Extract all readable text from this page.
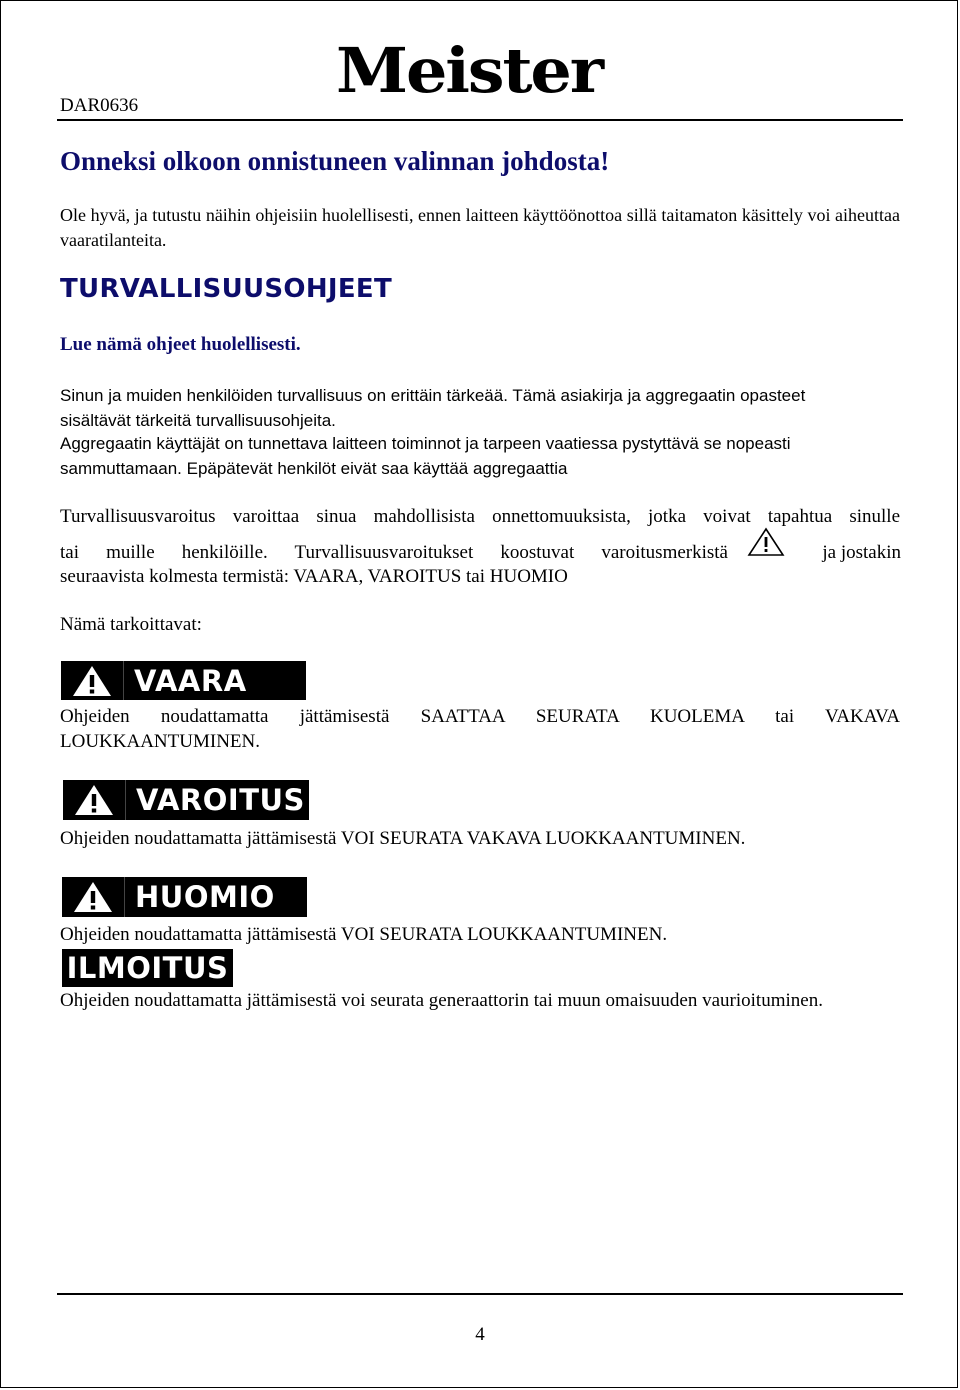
DAR0636	Meister
Onneksi olkoon onnistuneen valinnan johdosta!
Ole hyvä, ja tutustu näihin ohjeisiin huolellisesti, ennen laitteen käyttöönottoa sillä taitamaton käsittely voi aiheuttaa vaaratilanteita.
TURVALLISUUSOHJEET
Lue nämä ohjeet huolellisesti.
Sinun ja muiden henkilöiden turvallisuus on erittäin tärkeää. Tämä asiakirja ja aggregaatin opasteet
sisältävät tärkeitä turvallisuusohjeita.
Aggregaatin käyttäjät on tunnettava laitteen toiminnot ja tarpeen vaatiessa pystyttävä se nopeasti
sammuttamaan. Epäpätevät henkilöt eivät saa käyttää aggregaattia
Turvallisuusvaroitus varoittaa sinua mahdollisista onnettomuuksista, jotka voivat tapahtua sinulle
tai muille henkilöille. Turvallisuusvaroitukset koostuvat varoitusmerkistä	ja jostakin
seuraavista kolmesta termistä: VAARA, VAROITUS tai HUOMIO
Nämä tarkoittavat:
VAARA
Ohjeiden noudattamatta jättämisestä SAATTAA SEURATA KUOLEMA tai VAKAVA
LOUKKAANTUMINEN.
VAROITUS
Ohjeiden noudattamatta jättämisestä VOI SEURATA VAKAVA LUOKKAANTUMINEN.
HUOMIO
Ohjeiden noudattamatta jättämisestä VOI SEURATA LOUKKAANTUMINEN.
ILMOITUS
Ohjeiden noudattamatta jättämisestä voi seurata generaattorin tai muun omaisuuden vaurioituminen.
4
